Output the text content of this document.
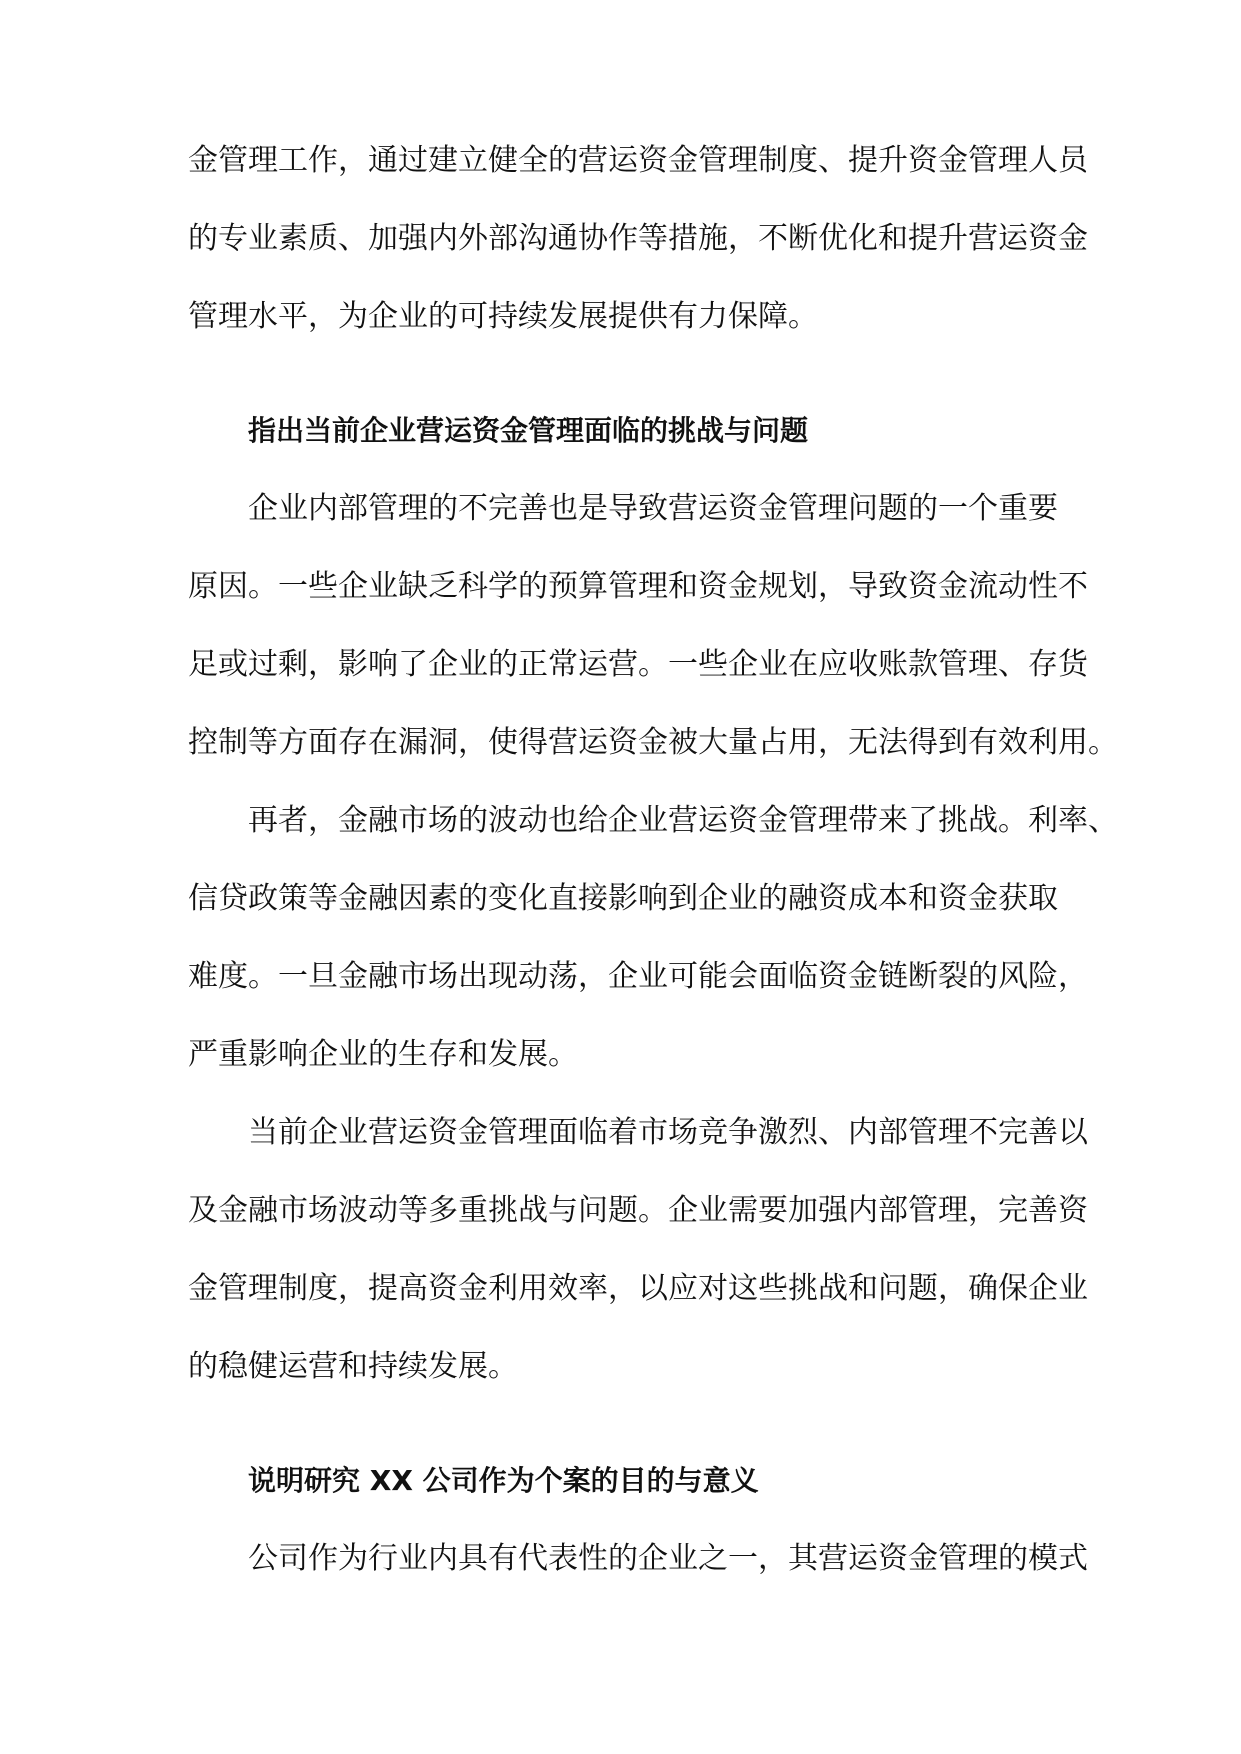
金管理工作，通过建立健全的营运资金管理制度、提升资金管理人员
的专业素质、加强内外部沟通协作等措施，不断优化和提升营运资金
管理水平，为企业的可持续发展提供有力保障。
指出当前企业营运资金管理面临的挑战与问题
企业内部管理的不完善也是导致营运资金管理问题的一个重要
原因。一些企业缺乏科学的预算管理和资金规划，导致资金流动性不
足或过剩，影响了企业的正常运营。一些企业在应收账款管理、存货
控制等方面存在漏洞，使得营运资金被大量占用，无法得到有效利用。
再者，金融市场的波动也给企业营运资金管理带来了挑战。利率、
信贷政策等金融因素的变化直接影响到企业的融资成本和资金获取
难度。一旦金融市场出现动荡，企业可能会面临资金链断裂的风险，
严重影响企业的生存和发展。
当前企业营运资金管理面临着市场竞争激烈、内部管理不完善以
及金融市场波动等多重挑战与问题。企业需要加强内部管理，完善资
金管理制度，提高资金利用效率，以应对这些挑战和问题，确保企业
的稳健运营和持续发展。
说明研究 XX 公司作为个案的目的与意义
公司作为行业内具有代表性的企业之一，其营运资金管理的模式
